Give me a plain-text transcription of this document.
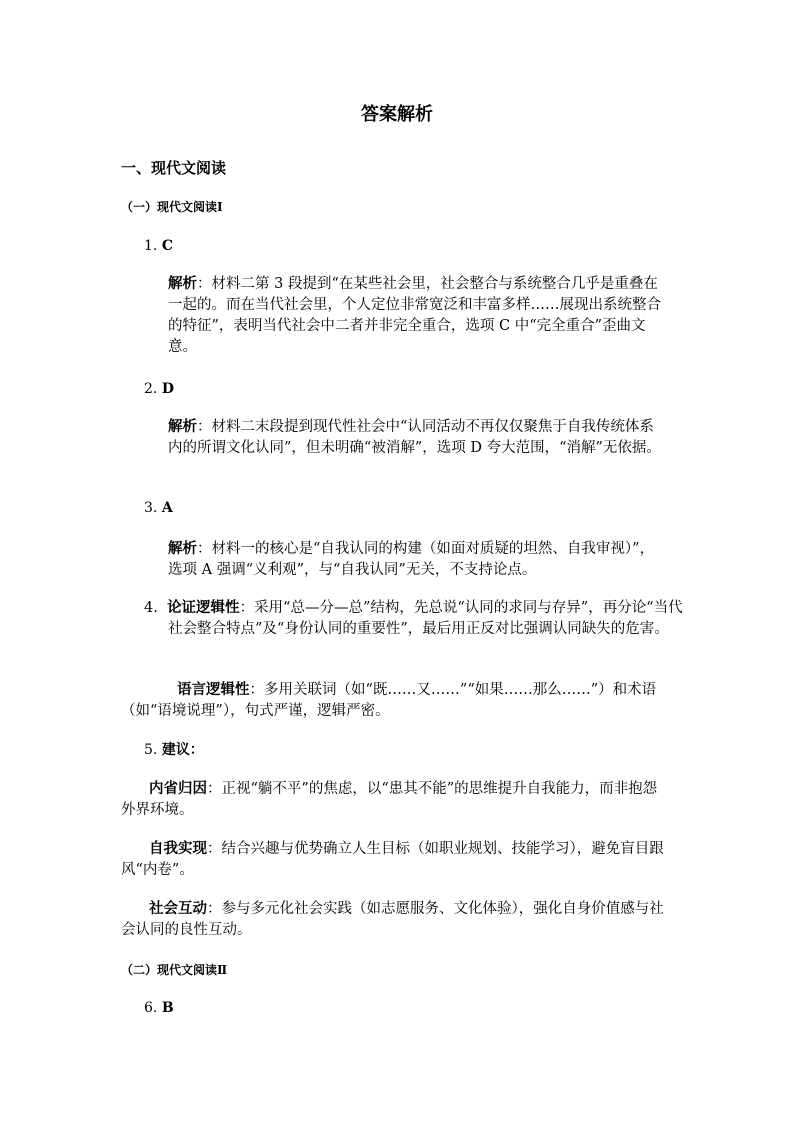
答案解析
一、现代文阅读
（一）现代文阅读Ⅰ
1. C

解析：材料二第 3 段提到“在某些社会里，社会整合与系统整合几乎是重叠在一起的。而在当代社会里，个人定位非常宽泛和丰富多样……展现出系统整合的特征”，表明当代社会中二者并非完全重合，选项 C 中“完全重合”歪曲文意。

2. D

解析：材料二末段提到现代性社会中“认同活动不再仅仅聚焦于自我传统体系内的所谓文化认同”，但未明确“被消解”，选项 D 夸大范围，“消解”无依据。

3. A

解析：材料一的核心是“自我认同的构建（如面对质疑的坦然、自我审视）”，选项 A 强调“义利观”，与“自我认同”无关，不支持论点。

4. 论证逻辑性：采用“总—分—总”结构，先总说“认同的求同与存异”，再分论“当代社会整合特点”及“身份认同的重要性”，最后用正反对比强调认同缺失的危害。

语言逻辑性：多用关联词（如“既……又……”“如果……那么……”）和术语（如“语境说理”），句式严谨，逻辑严密。

5. 建议：

内省归因：正视“躺不平”的焦虑，以“患其不能”的思维提升自我能力，而非抱怨外界环境。

自我实现：结合兴趣与优势确立人生目标（如职业规划、技能学习），避免盲目跟风“内卷”。

社会互动：参与多元化社会实践（如志愿服务、文化体验），强化自身价值感与社会认同的良性互动。

（二）现代文阅读Ⅱ
6. B
